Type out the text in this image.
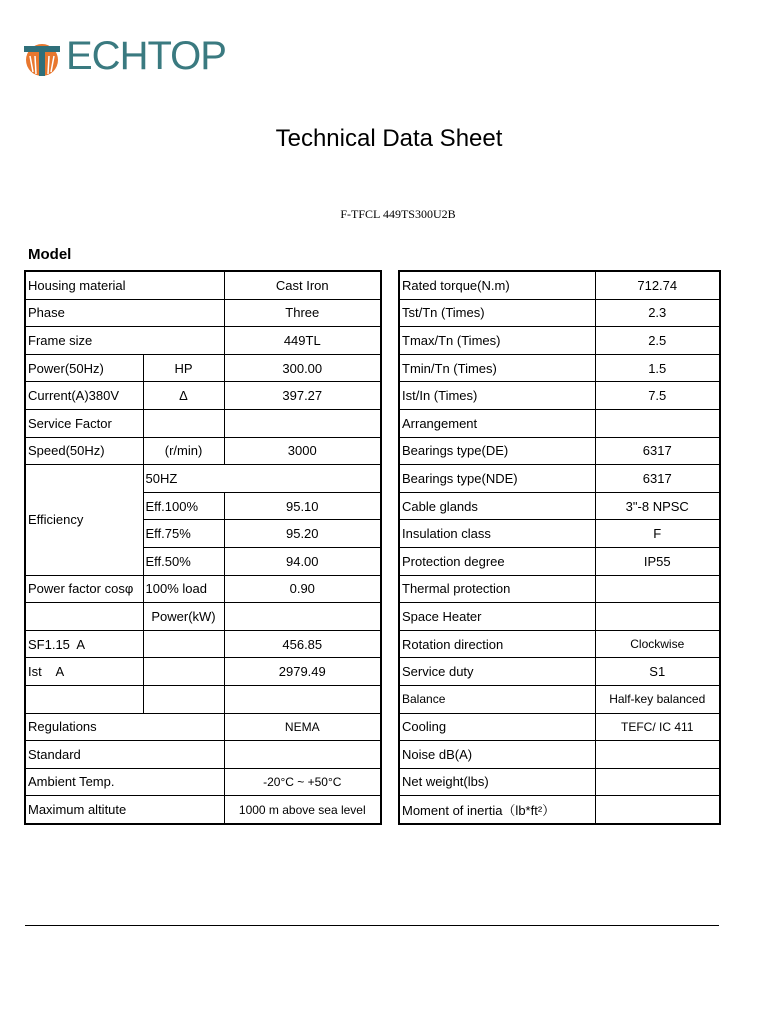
ECHTOP
Technical Data Sheet
F-TFCL 449TS300U2B
Model
Housing material		Cast Iron
Phase		Three
Frame size		449TL
Power(50Hz)	HP	300.00
Current(A)380V	Δ	397.27
Service Factor		
Speed(50Hz)	(r/min)	3000
Efficiency	50HZ	
	Eff.100%	95.10
	Eff.75%	95.20
	Eff.50%	94.00
Power factor cosφ	100% load	0.90
	Power(kW)	
SF1.15  A		456.85
Ist    A		2979.49

Regulations		NEMA
Standard		
Ambient Temp.		-20°C ~ +50°C
Maximum altitute		1000 m above sea level
Rated torque(N.m)	712.74
Tst/Tn (Times)	2.3
Tmax/Tn (Times)	2.5
Tmin/Tn (Times)	1.5
Ist/In (Times)	7.5
Arrangement	
Bearings type(DE)	6317
Bearings type(NDE)	6317
Cable glands	3"-8 NPSC
Insulation class	F
Protection degree	IP55
Thermal protection	
Space Heater	
Rotation direction	Clockwise
Service duty	S1
Balance	Half-key balanced
Cooling	TEFC/ IC 411
Noise dB(A)	
Net weight(lbs)	
Moment of inertia（lb*ft²）	
